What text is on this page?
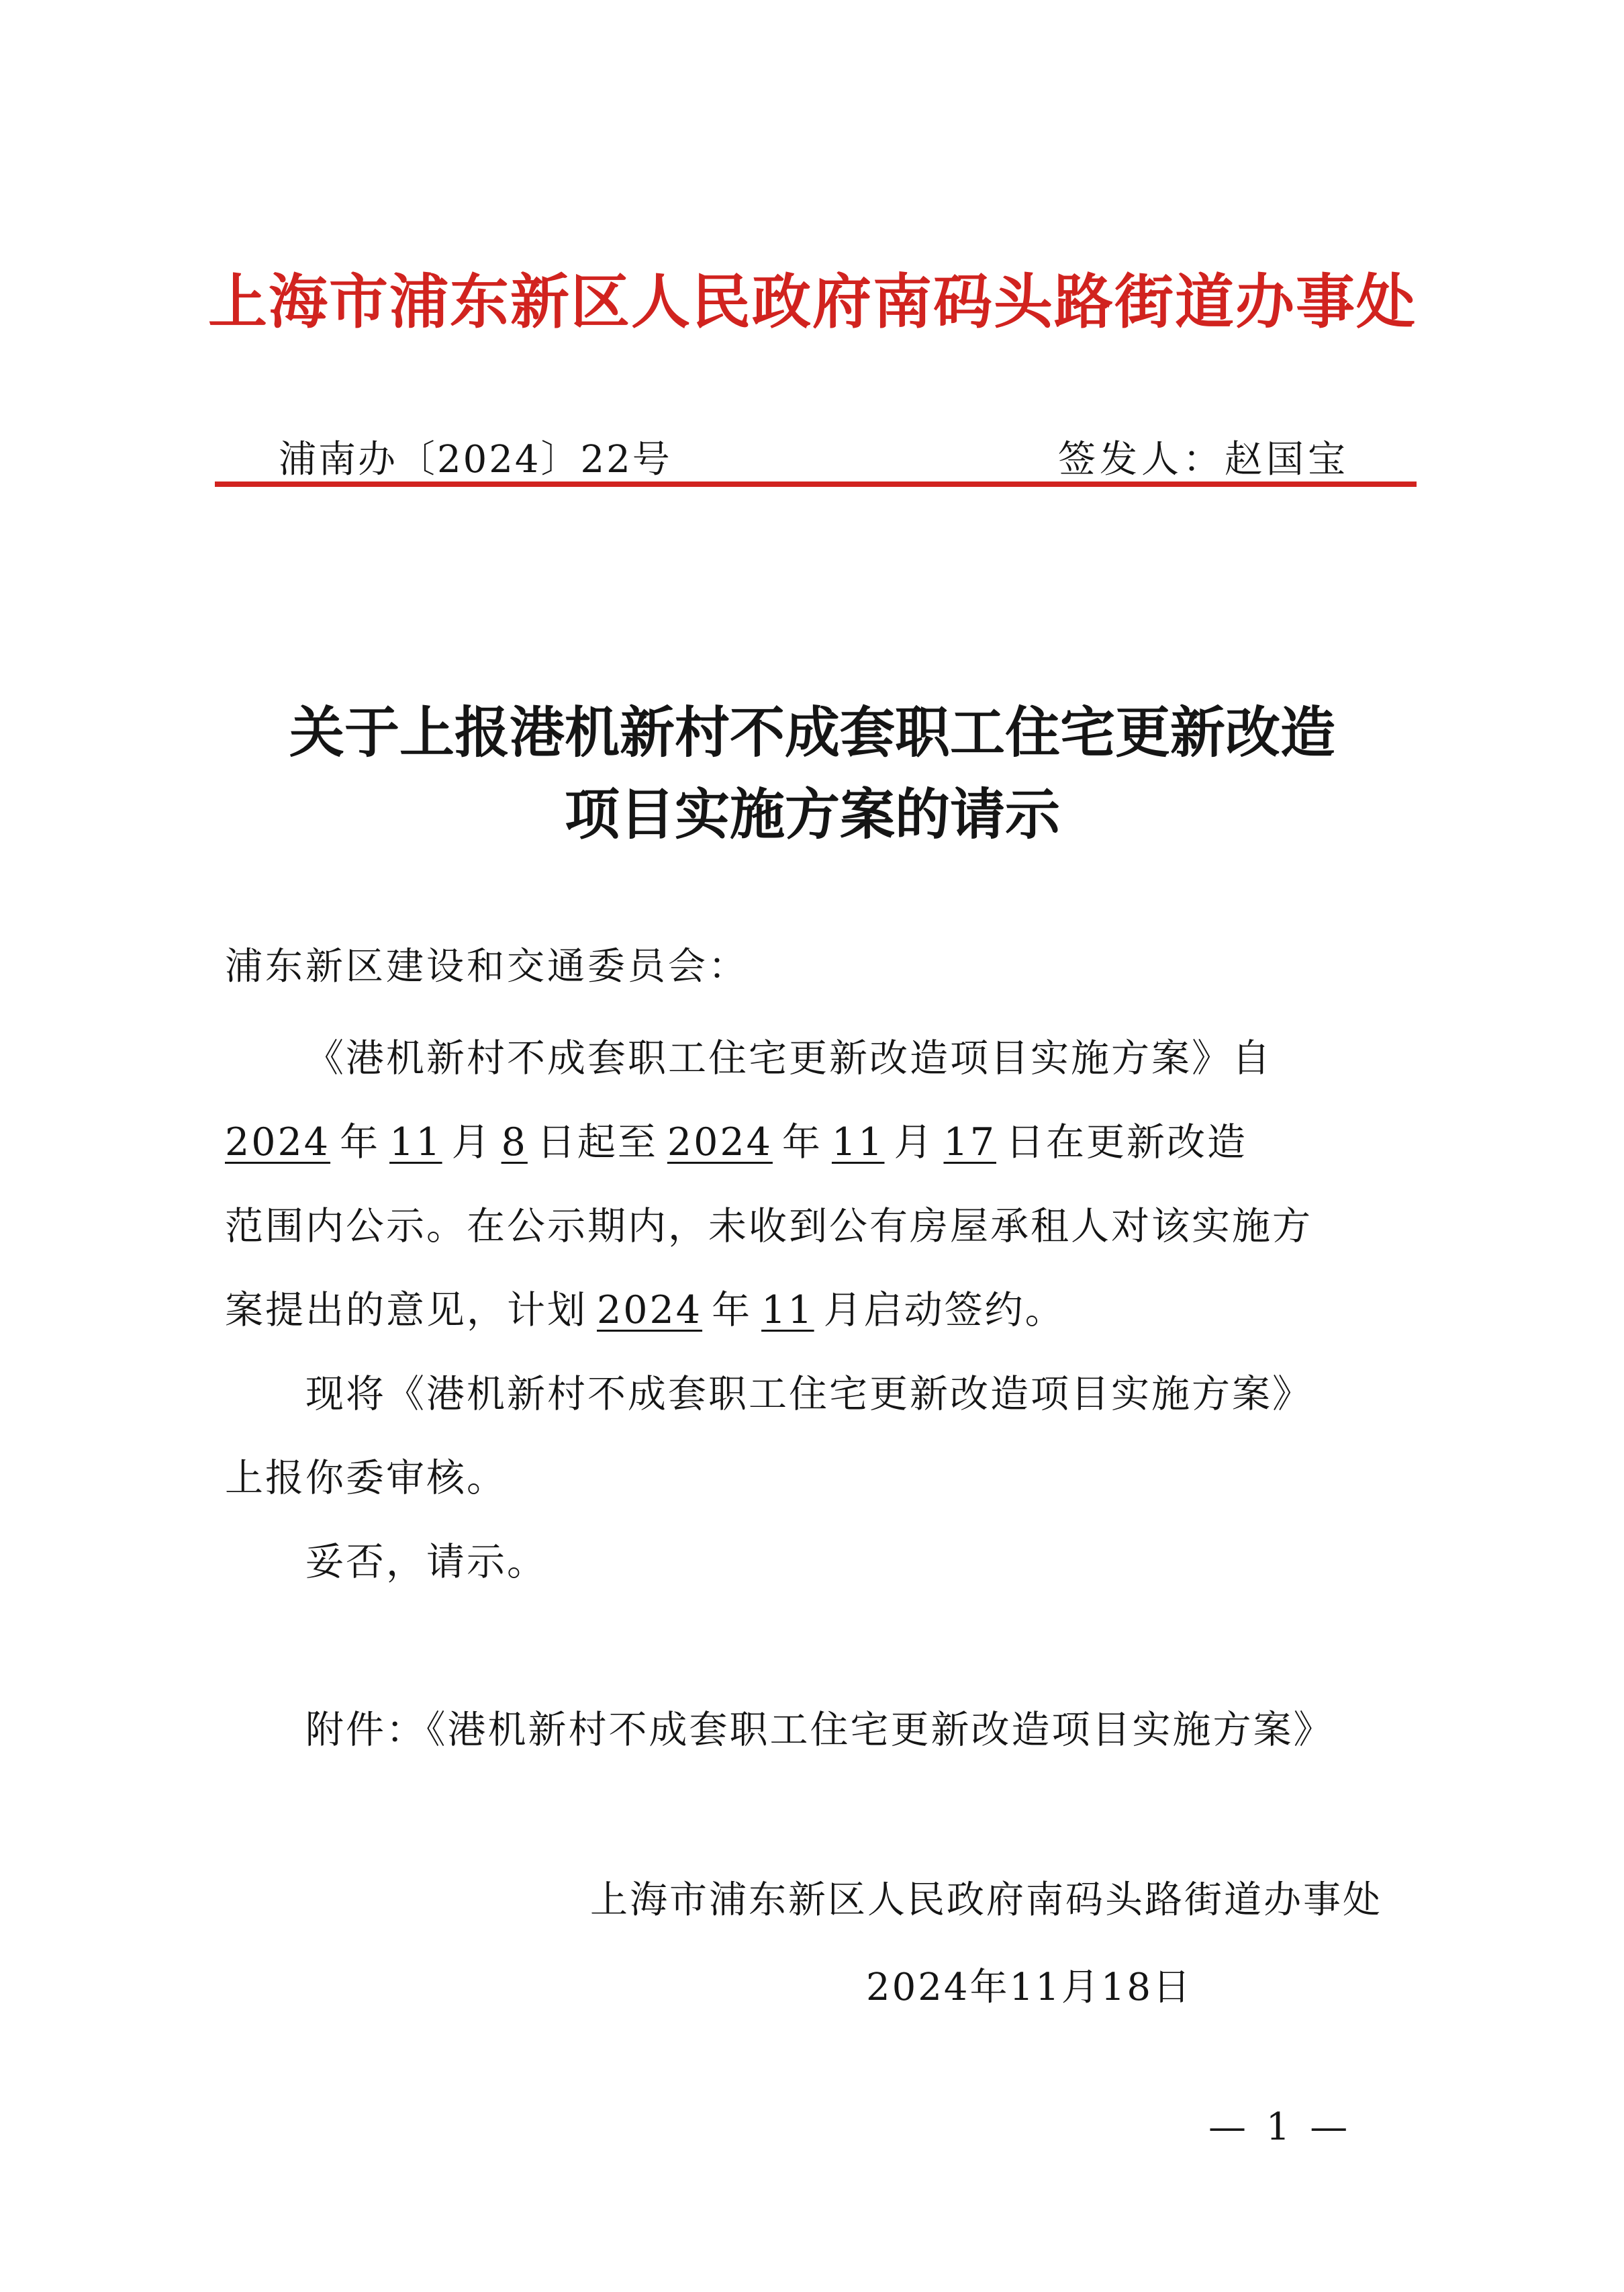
上海市浦东新区人民政府南码头路街道办事处
浦南办〔2024〕22号	签发人：赵国宝
关于上报港机新村不成套职工住宅更新改造
项目实施方案的请示
浦东新区建设和交通委员会：
《港机新村不成套职工住宅更新改造项目实施方案》自
2024 年 11 月 8 日起至 2024 年 11 月 17 日在更新改造
范围内公示。在公示期内，未收到公有房屋承租人对该实施方
案提出的意见，计划 2024 年 11 月启动签约。
现将《港机新村不成套职工住宅更新改造项目实施方案》
上报你委审核。
妥否，请示。
附件：《港机新村不成套职工住宅更新改造项目实施方案》
上海市浦东新区人民政府南码头路街道办事处
2024年11月18日
— 1 —
